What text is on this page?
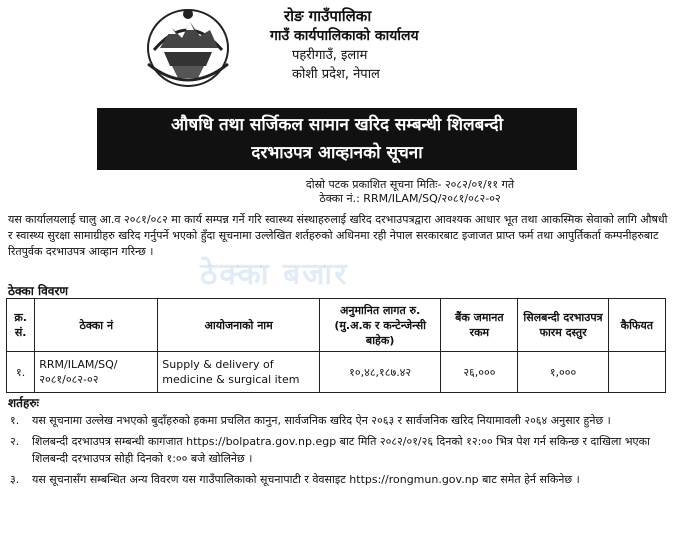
रोङ गाउँपालिका
गाउँ कार्यपालिकाको कार्यालय
पहरीगाउँ, इलाम
कोशी प्रदेश, नेपाल
औषधि तथा सर्जिकल सामान खरिद सम्बन्धी शिलबन्दी
दरभाउपत्र आव्हानको सूचना
दोस्रो पटक प्रकाशित सूचना मितिः- २०८२/०१/११ गते
ठेक्का नं.: RRM/ILAM/SQ/२०८१/०८२-०२
यस कार्यालयलाई चालु आ.व २०८१/०८२ मा कार्य सम्पन्न गर्ने गरि स्वास्थ्य संस्थाहरुलाई खरिद दरभाउपत्रद्वारा आवश्यक आधार भूत तथा आकस्मिक सेवाको लागि औषधी र स्वास्थ्य सुरक्षा सामाग्रीहरु खरिद गर्नुपर्ने भएको हुँदा सूचनामा उल्लेखित शर्तहरुको अधिनमा रही नेपाल सरकारबाट इजाजत प्राप्त फर्म तथा आपुर्तिकर्ता कम्पनीहरुबाट रितपुर्वक दरभाउपत्र आव्हान गरिन्छ ।
ठेक्का बजार
ठेक्का विवरण
क्र. सं.	ठेक्का नं	आयोजनाको नाम	अनुमानित लागत रु. (मु.अ.क र कन्टेन्जेन्सी बाहेक)	बैंक जमानत रकम	सिलबन्दी दरभाउपत्र फारम दस्तुर	कैफियत
१.	RRM/ILAM/SQ/ २०८१/०८२-०२	Supply & delivery of medicine & surgical item	१०,४८,१८७.४२	२६,०००	१,०००	
शर्तहरुः
१. यस सूचनामा उल्लेख नभएको बुदाँहरुको हकमा प्रचलित कानुन, सार्वजनिक खरिद ऐन २०६३ र सार्वजनिक खरिद नियामावली २०६४ अनुसार हुनेछ ।
२. शिलबन्दी दरभाउपत्र सम्बन्धी कागजात https://bolpatra.gov.np.egp बाट मिति २०८२/०१/२६ दिनको १२:०० भित्र पेश गर्न सकिन्छ र दाखिला भएका शिलबन्दी दरभाउपत्र सोही दिनको १:०० बजे खोलिनेछ ।
३. यस सूचनासँग सम्बन्धित अन्य विवरण यस गाउँपालिकाको सूचनापाटी र वेवसाइट https://rongmun.gov.np बाट समेत हेर्न सकिनेछ ।
